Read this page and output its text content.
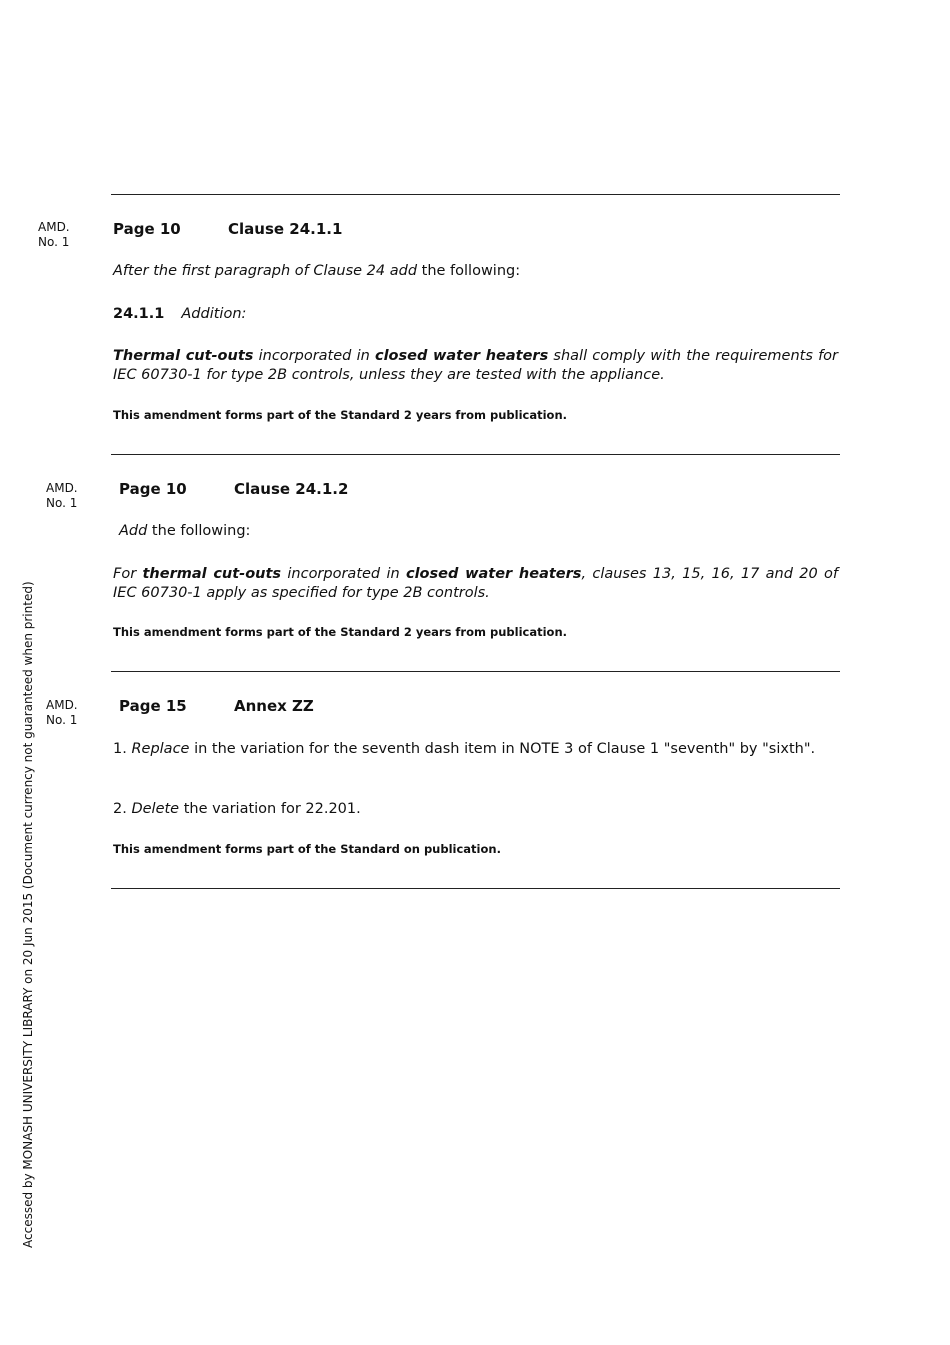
AMD.
No. 1
Page 10	Clause 24.1.1
After the first paragraph of Clause 24 add the following:
24.1.1 Addition:
Thermal cut-outs incorporated in closed water heaters shall comply with the requirements for IEC 60730-1 for type 2B controls, unless they are tested with the appliance.
This amendment forms part of the Standard 2 years from publication.
AMD.
No. 1
Page 10	Clause 24.1.2
Add the following:
For thermal cut-outs incorporated in closed water heaters, clauses 13, 15, 16, 17 and 20 of IEC 60730-1 apply as specified for type 2B controls.
This amendment forms part of the Standard 2 years from publication.
AMD.
No. 1
Page 15	Annex ZZ
1. Replace in the variation for the seventh dash item in NOTE 3 of Clause 1 "seventh" by "sixth".
2. Delete the variation for 22.201.
This amendment forms part of the Standard on publication.
Accessed by MONASH UNIVERSITY LIBRARY on 20 Jun 2015 (Document currency not guaranteed when printed)
